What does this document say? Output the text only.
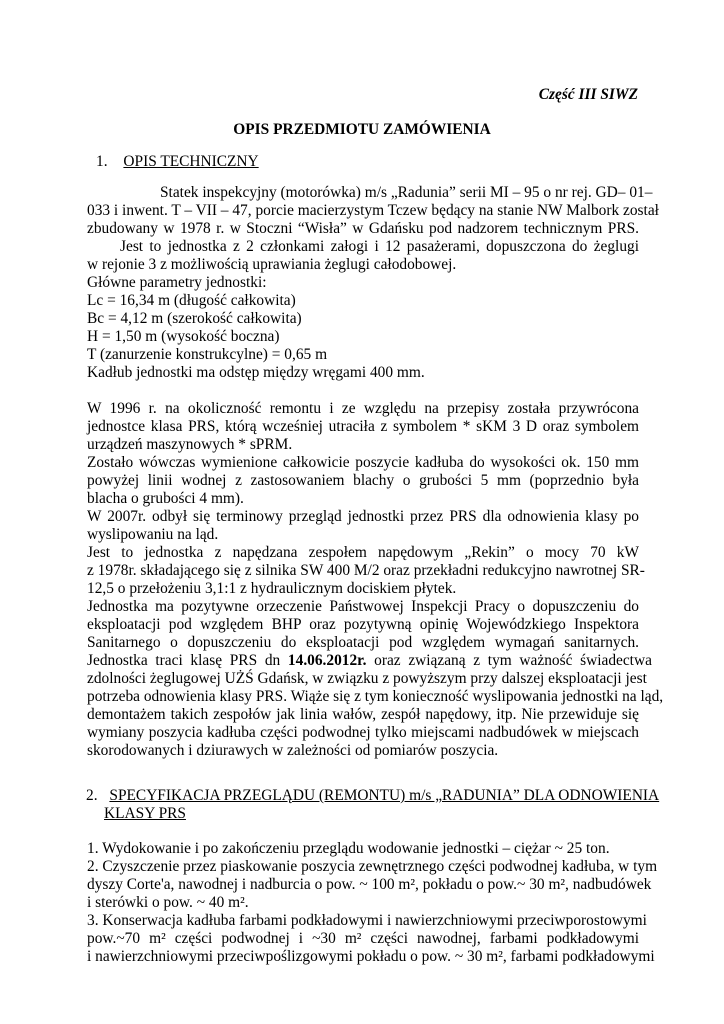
Część III SIWZ
OPIS PRZEDMIOTU ZAMÓWIENIA
1. OPIS TECHNICZNY
Statek inspekcyjny (motorówka) m/s „Radunia” serii MI – 95 o nr rej. GD– 01–
033 i inwent. T – VII – 47, porcie macierzystym Tczew będący na stanie NW Malbork został
zbudowany w 1978 r. w Stoczni “Wisła” w Gdańsku pod nadzorem technicznym PRS.
Jest to jednostka z 2 członkami załogi i 12 pasażerami, dopuszczona do żeglugi
w rejonie 3 z możliwością uprawiania żeglugi całodobowej.
Główne parametry jednostki:
Lc = 16,34 m (długość całkowita)
Bc = 4,12 m (szerokość całkowita)
H = 1,50 m (wysokość boczna)
T (zanurzenie konstrukcylne) = 0,65 m
Kadłub jednostki ma odstęp między wręgami 400 mm.
W 1996 r. na okoliczność remontu i ze względu na przepisy została przywrócona
jednostce klasa PRS, którą wcześniej utraciła z symbolem * sKM 3 D oraz symbolem
urządzeń maszynowych * sPRM.
Zostało wówczas wymienione całkowicie poszycie kadłuba do wysokości ok. 150 mm
powyżej linii wodnej z zastosowaniem blachy o grubości 5 mm (poprzednio była
blacha o grubości 4 mm).
W 2007r. odbył się terminowy przegląd jednostki przez PRS dla odnowienia klasy po
wyslipowaniu na ląd.
Jest to jednostka z napędzana zespołem napędowym „Rekin” o mocy 70 kW
z 1978r. składającego się z silnika SW 400 M/2 oraz przekładni redukcyjno nawrotnej SR-
12,5 o przełożeniu 3,1:1 z hydraulicznym dociskiem płytek.
Jednostka ma pozytywne orzeczenie Państwowej Inspekcji Pracy o dopuszczeniu do
eksploatacji pod względem BHP oraz pozytywną opinię Wojewódzkiego Inspektora
Sanitarnego o dopuszczeniu do eksploatacji pod względem wymagań sanitarnych.
Jednostka  traci  klasę  PRS  dn 14.06.2012r. oraz  związaną  z  tym  ważność  świadectwa
zdolności żeglugowej UŻŚ Gdańsk, w związku z powyższym przy dalszej eksploatacji jest
potrzeba odnowienia klasy PRS. Wiąże się z tym konieczność wyslipowania jednostki na ląd,
demontażem takich zespołów jak linia wałów, zespół napędowy, itp. Nie przewiduje się
wymiany poszycia kadłuba części podwodnej tylko miejscami nadbudówek w miejscach
skorodowanych i dziurawych w zależności od pomiarów poszycia.
2. SPECYFIKACJA PRZEGLĄDU (REMONTU) m/s „RADUNIA” DLA ODNOWIENIA
KLASY PRS
1. Wydokowanie i po zakończeniu przeglądu wodowanie jednostki – ciężar ~ 25 ton.
2. Czyszczenie przez piaskowanie poszycia zewnętrznego części podwodnej kadłuba, w tym
dyszy Corte'a, nawodnej i nadburcia o pow. ~ 100 m², pokładu o pow.~ 30 m², nadbudówek
i sterówki o pow. ~ 40 m².
3. Konserwacja kadłuba farbami podkładowymi i nawierzchniowymi przeciwporostowymi
pow.~70 m² części podwodnej i ~30 m² części nawodnej, farbami podkładowymi
i nawierzchniowymi przeciwpoślizgowymi pokładu o pow. ~ 30 m², farbami podkładowymi
